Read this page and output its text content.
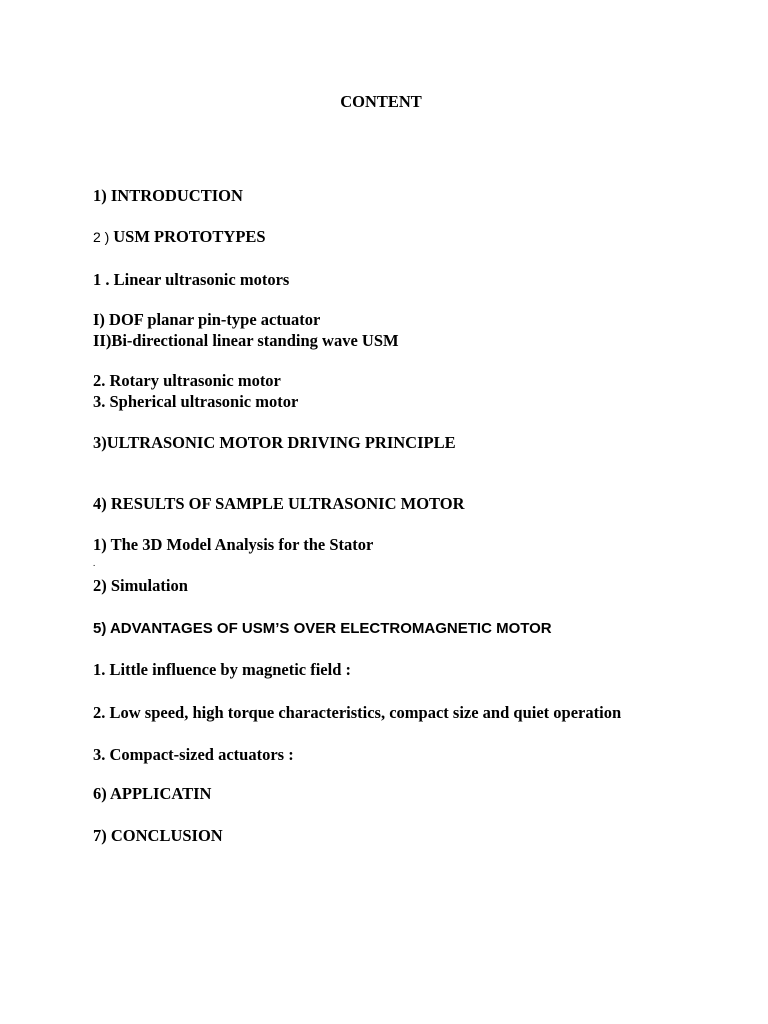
CONTENT
1) INTRODUCTION
2 ) USM PROTOTYPES
1 . Linear ultrasonic motors
I) DOF planar pin-type actuator
II)Bi-directional linear standing wave USM
2. Rotary ultrasonic motor
3. Spherical ultrasonic motor
3)ULTRASONIC MOTOR DRIVING PRINCIPLE
4) RESULTS OF SAMPLE ULTRASONIC MOTOR
1) The 3D Model Analysis for the Stator
.
2) Simulation
5) ADVANTAGES OF USM’S OVER ELECTROMAGNETIC MOTOR
1. Little influence by magnetic field :
2. Low speed, high torque characteristics, compact size and quiet operation
3. Compact-sized actuators :
6) APPLICATIN
7) CONCLUSION
